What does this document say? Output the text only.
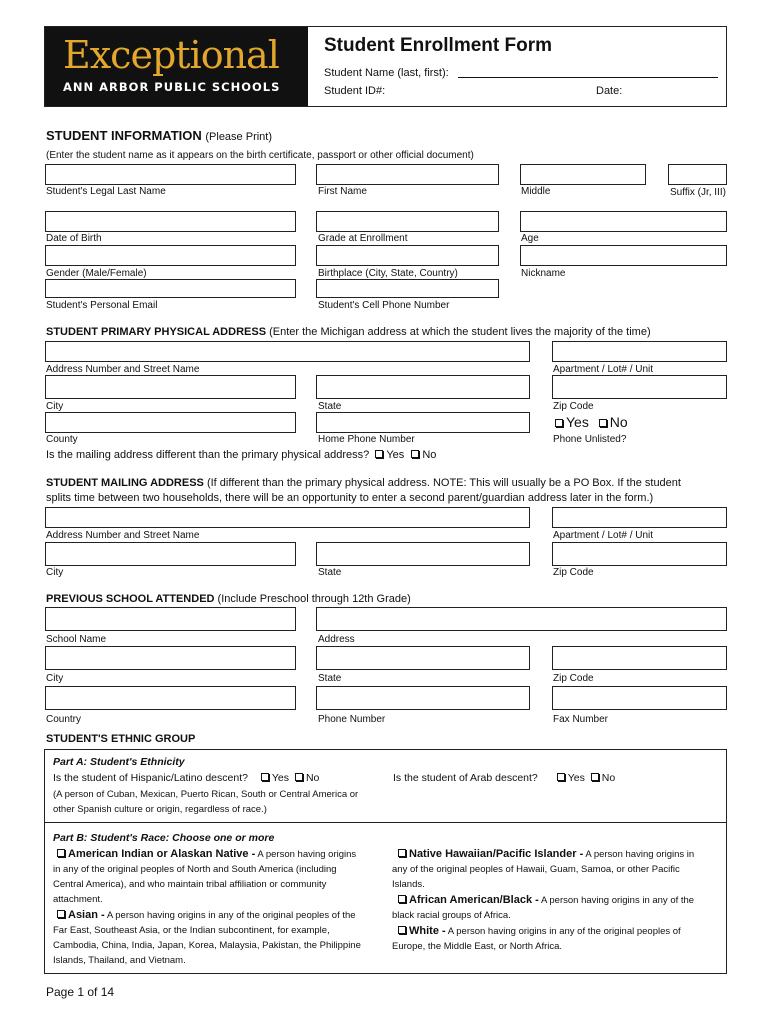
Exceptional
ANN ARBOR PUBLIC SCHOOLS
Student Enrollment Form
Student Name (last, first):
Student ID#:	Date:
STUDENT INFORMATION (Please Print)
(Enter the student name as it appears on the birth certificate, passport or other official document)
Student's Legal Last Name	First Name	Middle	Suffix (Jr, III)
Date of Birth	Grade at Enrollment	Age
Gender (Male/Female)	Birthplace (City, State, Country)	Nickname
Student's Personal Email	Student's Cell Phone Number
STUDENT PRIMARY PHYSICAL ADDRESS (Enter the Michigan address at which the student lives the majority of the time)
Address Number and Street Name	Apartment / Lot# / Unit
City	State	Zip Code
Yes No
County	Home Phone Number	Phone Unlisted?
Is the mailing address different than the primary physical address? Yes No
STUDENT MAILING ADDRESS (If different than the primary physical address. NOTE: This will usually be a PO Box. If the student
splits time between two households, there will be an opportunity to enter a second parent/guardian address later in the form.)
Address Number and Street Name	Apartment / Lot# / Unit
City	State	Zip Code
PREVIOUS SCHOOL ATTENDED (Include Preschool through 12th Grade)
School Name	Address
City	State	Zip Code
Country	Phone Number	Fax Number
STUDENT'S ETHNIC GROUP
Part A: Student's Ethnicity
Is the student of Hispanic/Latino descent? Yes No
(A person of Cuban, Mexican, Puerto Rican, South or Central America or
other Spanish culture or origin, regardless of race.)
Is the student of Arab descent?	Yes No
Part B: Student's Race: Choose one or more
American Indian or Alaskan Native - A person having origins
in any of the original peoples of North and South America (including
Central America), and who maintain tribal affiliation or community
attachment.
Asian - A person having origins in any of the original peoples of the
Far East, Southeast Asia, or the Indian subcontinent, for example,
Cambodia, China, India, Japan, Korea, Malaysia, Pakistan, the Philippine
Islands, Thailand, and Vietnam.
Native Hawaiian/Pacific Islander - A person having origins in
any of the original peoples of Hawaii, Guam, Samoa, or other Pacific
Islands.
African American/Black - A person having origins in any of the
black racial groups of Africa.
White - A person having origins in any of the original peoples of
Europe, the Middle East, or North Africa.
Page 1 of 14
